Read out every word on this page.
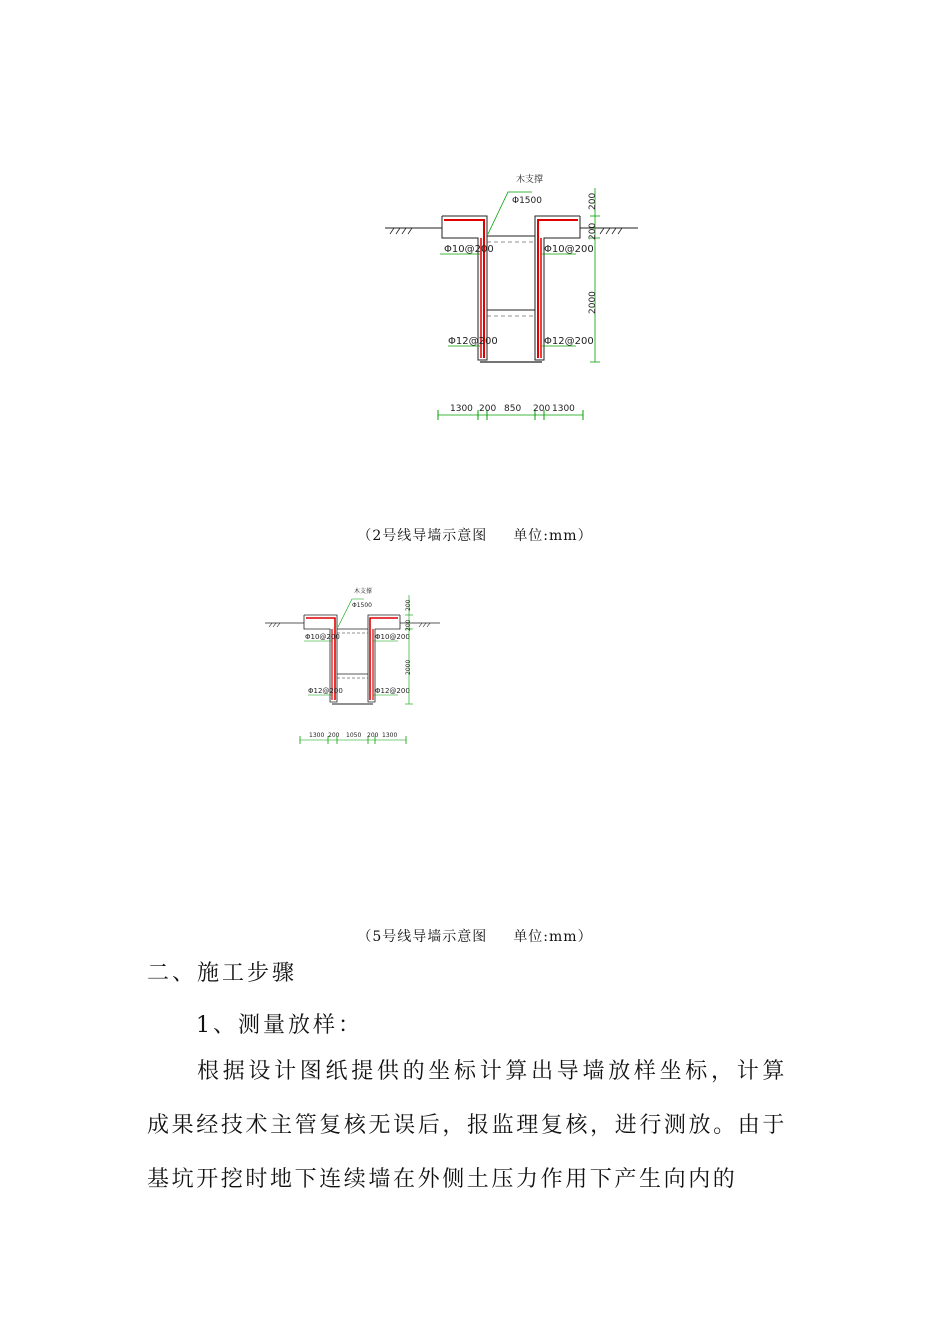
木支撑
Φ1500
Φ10@200	Φ10@200
Φ12@200	Φ12@200
200
200
2000
1300 200 850 200 1300
（2号线导墙示意图 单位:mm）
木支撑
Φ1500
Φ10@200	Φ10@200
Φ12@200	Φ12@200
200
200
2000
1300 200 1050 200 1300
（5号线导墙示意图 单位:mm）
二、施工步骤
1、测量放样：

根据设计图纸提供的坐标计算出导墙放样坐标，计算成果经技术主管复核无误后，报监理复核，进行测放。由于基坑开挖时地下连续墙在外侧土压力作用下产生向内的
